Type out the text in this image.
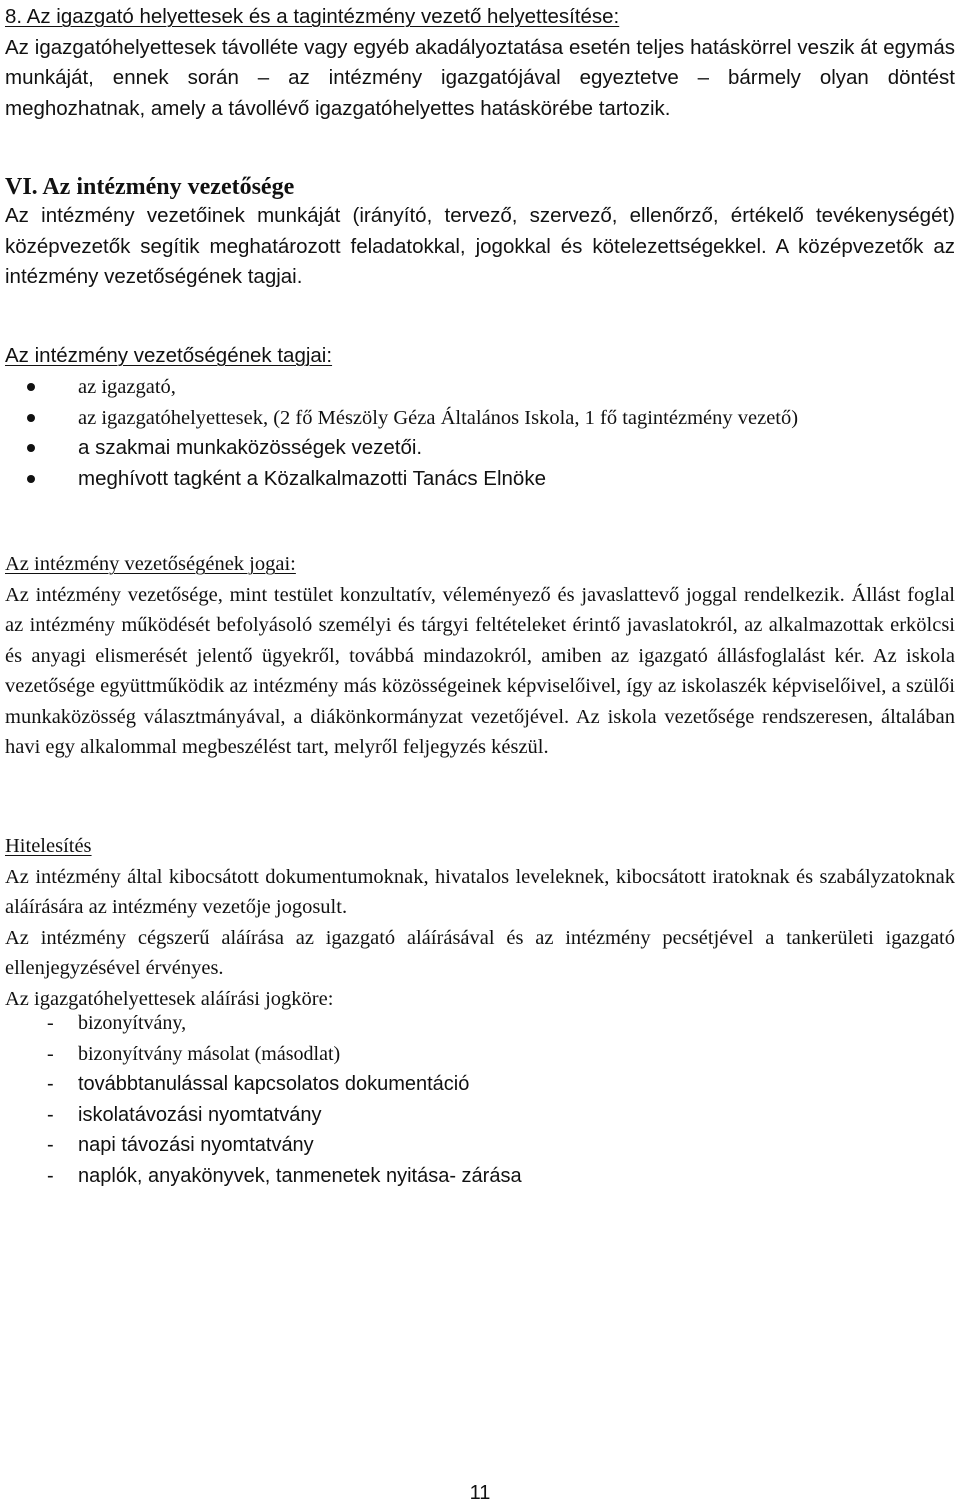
8. Az igazgató helyettesek és a tagintézmény vezető helyettesítése:

Az igazgatóhelyettesek távolléte vagy egyéb akadályoztatása esetén teljes hatáskörrel veszik át egymás munkáját, ennek során – az intézmény igazgatójával egyeztetve – bármely olyan döntést meghozhatnak, amely a távollévő igazgatóhelyettes hatáskörébe tartozik.

VI. Az intézmény vezetősége

Az intézmény vezetőinek munkáját (irányító, tervező, szervező, ellenőrző, értékelő tevékenységét) középvezetők segítik meghatározott feladatokkal, jogokkal és kötelezettségekkel. A középvezetők az intézmény vezetőségének tagjai.

Az intézmény vezetőségének tagjai:

az igazgató,
az igazgatóhelyettesek, (2 fő Mészöly Géza Általános Iskola, 1 fő tagintézmény vezető)
a szakmai munkaközösségek vezetői.
meghívott tagként a Közalkalmazotti Tanács Elnöke

Az intézmény vezetőségének jogai:

Az intézmény vezetősége, mint testület konzultatív, véleményező és javaslattevő joggal rendelkezik. Állást foglal az intézmény működését befolyásoló személyi és tárgyi feltételeket érintő javaslatokról, az alkalmazottak erkölcsi és anyagi elismerését jelentő ügyekről, továbbá mindazokról, amiben az igazgató állásfoglalást kér. Az iskola vezetősége együttműködik az intézmény más közösségeinek képviselőivel, így az iskolaszék képviselőivel, a szülői munkaközösség választmányával, a diákönkormányzat vezetőjével. Az iskola vezetősége rendszeresen, általában havi egy alkalommal megbeszélést tart, melyről feljegyzés készül.

Hitelesítés

Az intézmény által kibocsátott dokumentumoknak, hivatalos leveleknek, kibocsátott iratoknak és szabályzatoknak aláírására az intézmény vezetője jogosult.

Az intézmény cégszerű aláírása az igazgató aláírásával és az intézmény pecsétjével a tankerületi igazgató ellenjegyzésével érvényes.

Az igazgatóhelyettesek aláírási jogköre:

- bizonyítvány,
- bizonyítvány másolat (másodlat)
- továbbtanulással kapcsolatos dokumentáció
- iskolatávozási nyomtatvány
- napi távozási nyomtatvány
- naplók, anyakönyvek, tanmenetek nyitása- zárása
11
